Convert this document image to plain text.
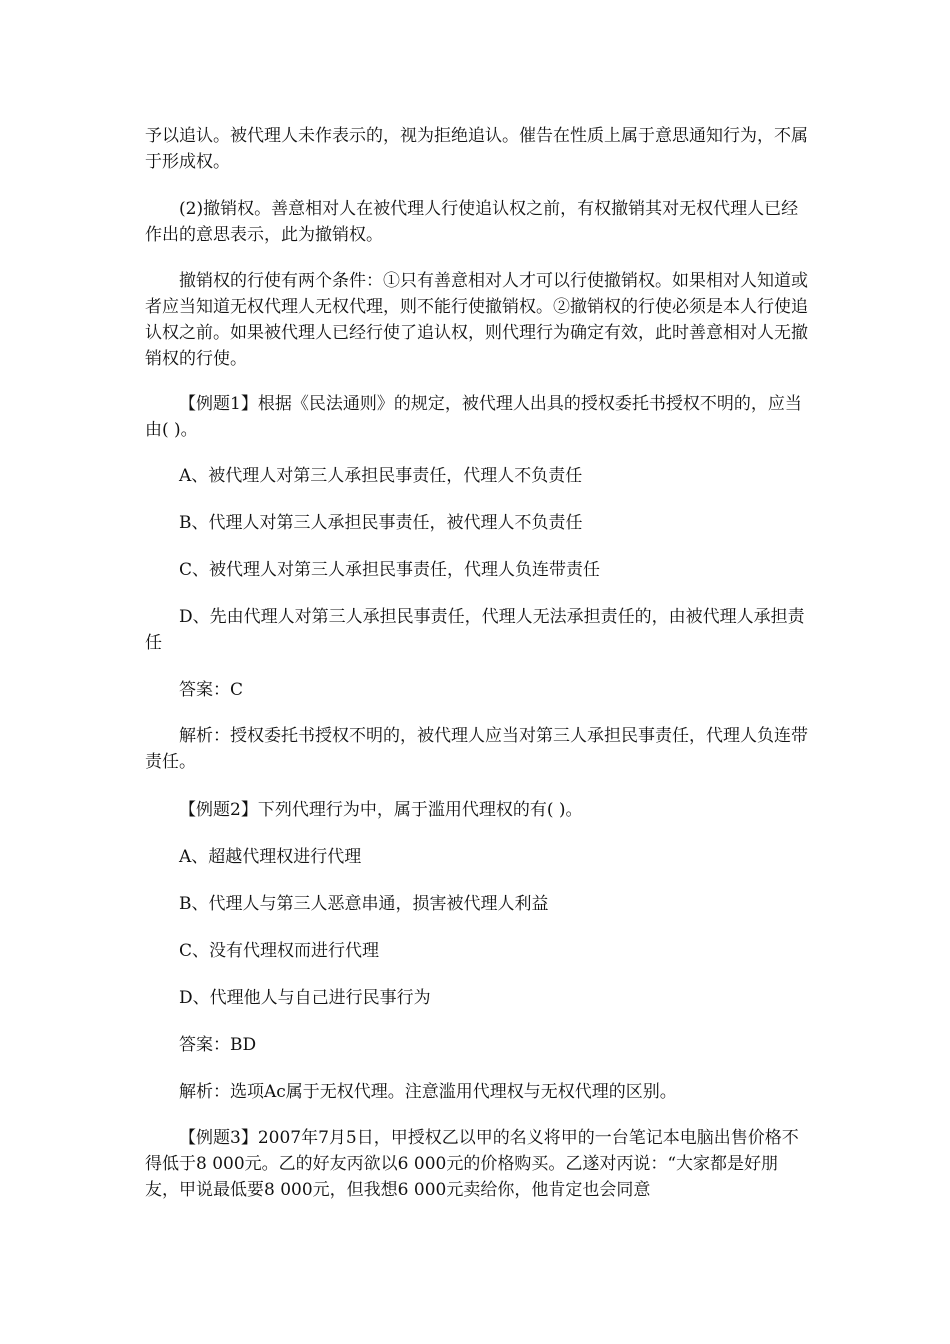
予以追认。被代理人未作表示的，视为拒绝追认。催告在性质上属于意思通知行为，不属于形成权。

(2)撤销权。善意相对人在被代理人行使追认权之前，有权撤销其对无权代理人已经作出的意思表示，此为撤销权。

撤销权的行使有两个条件：①只有善意相对人才可以行使撤销权。如果相对人知道或者应当知道无权代理人无权代理，则不能行使撤销权。②撤销权的行使必须是本人行使追认权之前。如果被代理人已经行使了追认权，则代理行为确定有效，此时善意相对人无撤销权的行使。

【例题1】根据《民法通则》的规定，被代理人出具的授权委托书授权不明的，应当由( )。

A、被代理人对第三人承担民事责任，代理人不负责任

B、代理人对第三人承担民事责任，被代理人不负责任

C、被代理人对第三人承担民事责任，代理人负连带责任

D、先由代理人对第三人承担民事责任，代理人无法承担责任的，由被代理人承担责任

答案：C

解析：授权委托书授权不明的，被代理人应当对第三人承担民事责任，代理人负连带责任。

【例题2】下列代理行为中，属于滥用代理权的有( )。

A、超越代理权进行代理

B、代理人与第三人恶意串通，损害被代理人利益

C、没有代理权而进行代理

D、代理他人与自己进行民事行为

答案：BD

解析：选项Ac属于无权代理。注意滥用代理权与无权代理的区别。

【例题3】2007年7月5日，甲授权乙以甲的名义将甲的一台笔记本电脑出售价格不得低于8 000元。乙的好友丙欲以6 000元的价格购买。乙遂对丙说：“大家都是好朋友，甲说最低要8 000元，但我想6 000元卖给你，他肯定也会同意
